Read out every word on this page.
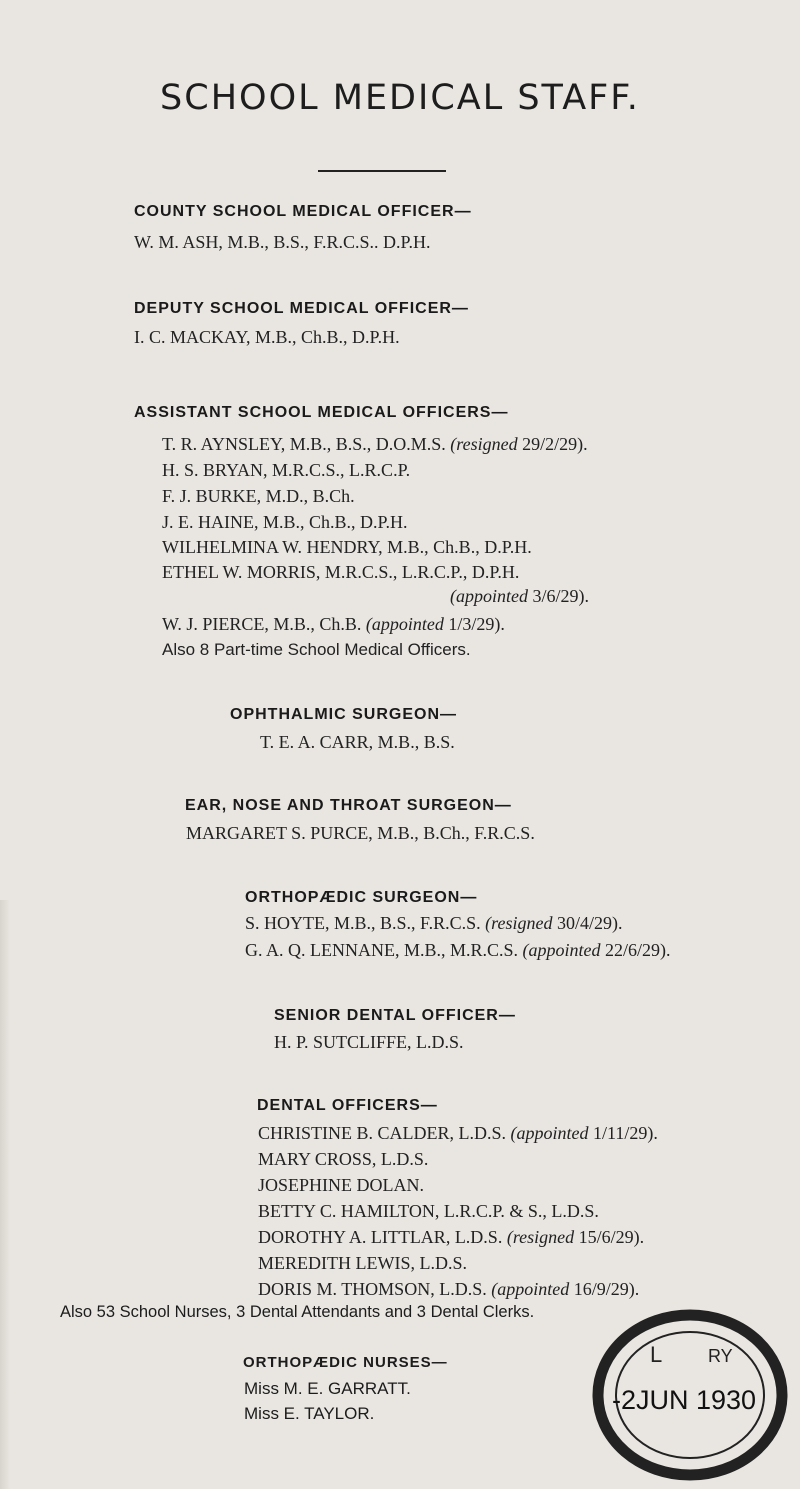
SCHOOL MEDICAL STAFF.
COUNTY SCHOOL MEDICAL OFFICER—
W. M. ASH, M.B., B.S., F.R.C.S.. D.P.H.
DEPUTY SCHOOL MEDICAL OFFICER—
I. C. MACKAY, M.B., Ch.B., D.P.H.
ASSISTANT SCHOOL MEDICAL OFFICERS—
T. R. AYNSLEY, M.B., B.S., D.O.M.S. (resigned 29/2/29).
H. S. BRYAN, M.R.C.S., L.R.C.P.
F. J. BURKE, M.D., B.Ch.
J. E. HAINE, M.B., Ch.B., D.P.H.
WILHELMINA W. HENDRY, M.B., Ch.B., D.P.H.
ETHEL W. MORRIS, M.R.C.S., L.R.C.P., D.P.H.
(appointed 3/6/29).
W. J. PIERCE, M.B., Ch.B. (appointed 1/3/29).
Also 8 Part-time School Medical Officers.
OPHTHALMIC SURGEON—
T. E. A. CARR, M.B., B.S.
EAR, NOSE AND THROAT SURGEON—
MARGARET S. PURCE, M.B., B.Ch., F.R.C.S.
ORTHOPÆDIC SURGEON—
S. HOYTE, M.B., B.S., F.R.C.S. (resigned 30/4/29).
G. A. Q. LENNANE, M.B., M.R.C.S. (appointed 22/6/29).
SENIOR DENTAL OFFICER—
H. P. SUTCLIFFE, L.D.S.
DENTAL OFFICERS—
CHRISTINE B. CALDER, L.D.S. (appointed 1/11/29).
MARY CROSS, L.D.S.
JOSEPHINE DOLAN.
BETTY C. HAMILTON, L.R.C.P. & S., L.D.S.
DOROTHY A. LITTLAR, L.D.S. (resigned 15/6/29).
MEREDITH LEWIS, L.D.S.
DORIS M. THOMSON, L.D.S. (appointed 16/9/29).
Also 53 School Nurses, 3 Dental Attendants and 3 Dental Clerks.
ORTHOPÆDIC NURSES—
Miss M. E. GARRATT.
Miss E. TAYLOR.
L	RY
-2JUN 1930
